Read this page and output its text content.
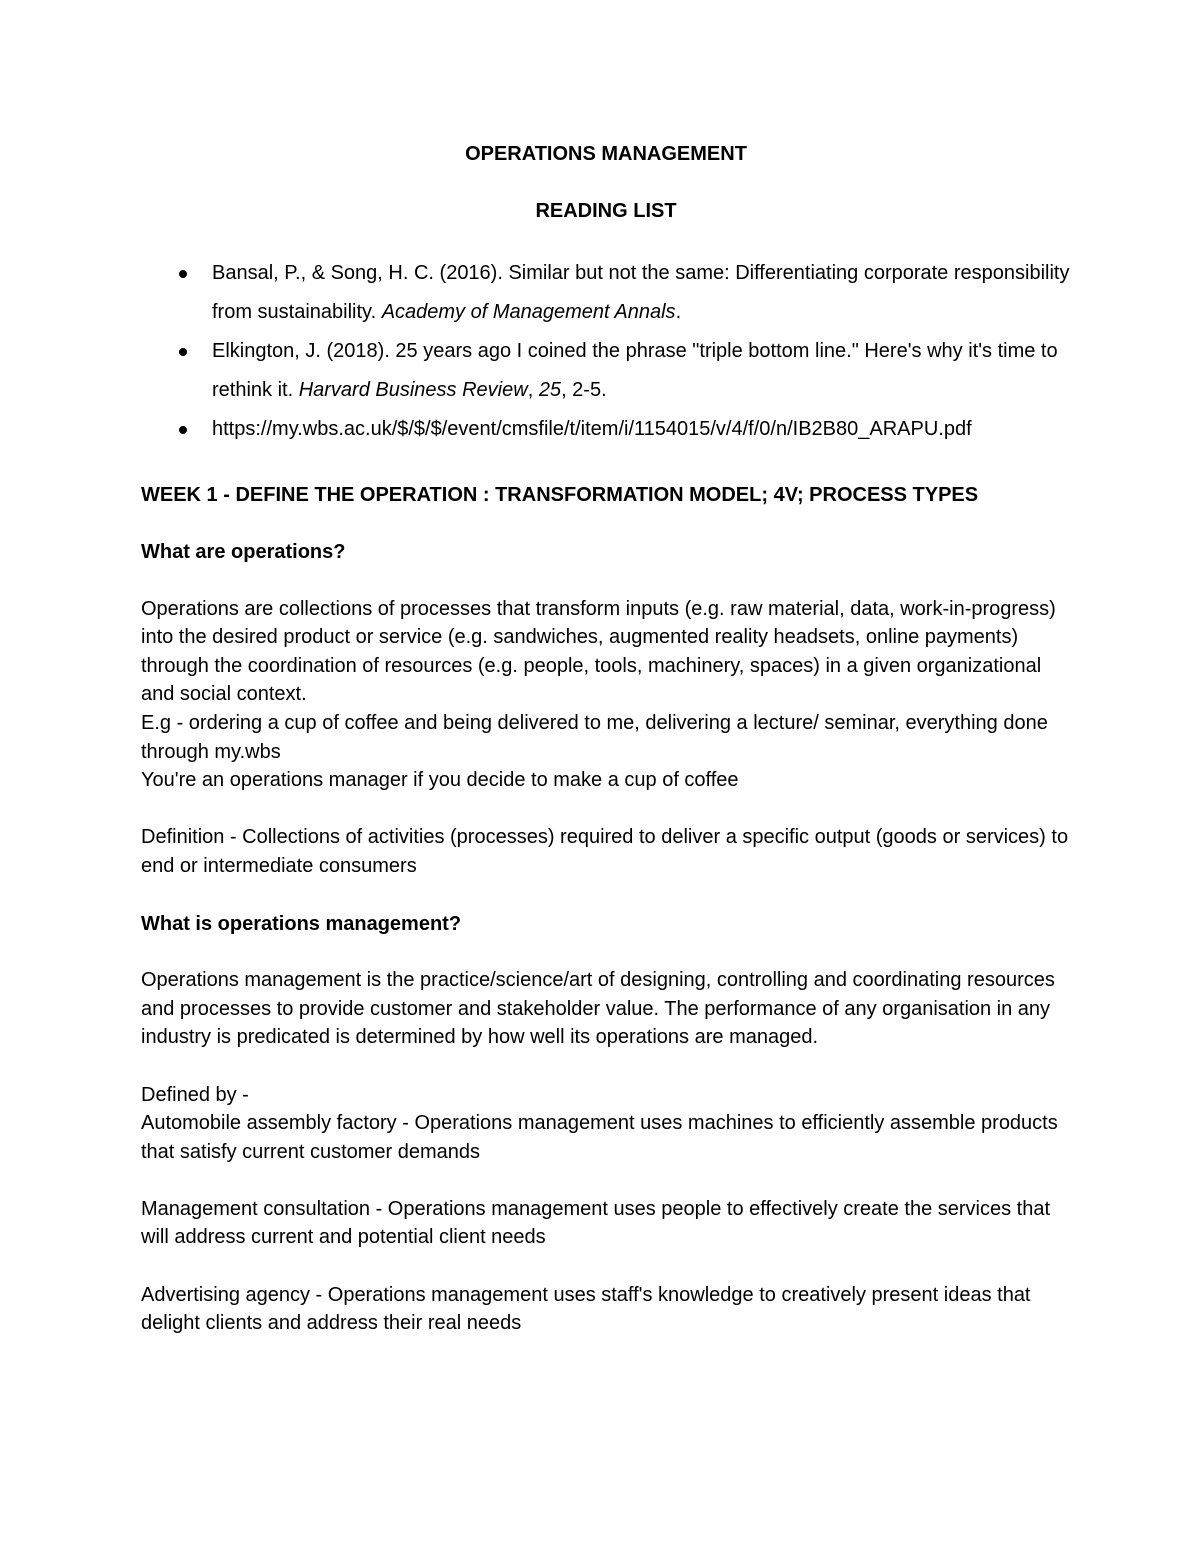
OPERATIONS MANAGEMENT
READING LIST
Bansal, P., & Song, H. C. (2016). Similar but not the same: Differentiating corporate responsibility from sustainability. Academy of Management Annals.
Elkington, J. (2018). 25 years ago I coined the phrase "triple bottom line." Here's why it's time to rethink it. Harvard Business Review, 25, 2-5.
https://my.wbs.ac.uk/$/$/$/event/cmsfile/t/item/i/1154015/v/4/f/0/n/IB2B80_ARAPU.pdf
WEEK 1 - DEFINE THE OPERATION : TRANSFORMATION MODEL; 4V; PROCESS TYPES
What are operations?
Operations are collections of processes that transform inputs (e.g. raw material, data, work-in-progress) into the desired product or service (e.g. sandwiches, augmented reality headsets, online payments) through the coordination of resources (e.g. people, tools, machinery, spaces) in a given organizational and social context.
E.g - ordering a cup of coffee and being delivered to me, delivering a lecture/ seminar, everything done through my.wbs
You're an operations manager if you decide to make a cup of coffee
Definition - Collections of activities (processes) required to deliver a specific output (goods or services) to end or intermediate consumers
What is operations management?
Operations management is the practice/science/art of designing, controlling and coordinating resources and processes to provide customer and stakeholder value. The performance of any organisation in any industry is predicated is determined by how well its operations are managed.
Defined by -
Automobile assembly factory - Operations management uses machines to efficiently assemble products that satisfy current customer demands
Management consultation - Operations management uses people to effectively create the services that will address current and potential client needs
Advertising agency - Operations management uses staff's knowledge to creatively present ideas that delight clients and address their real needs
